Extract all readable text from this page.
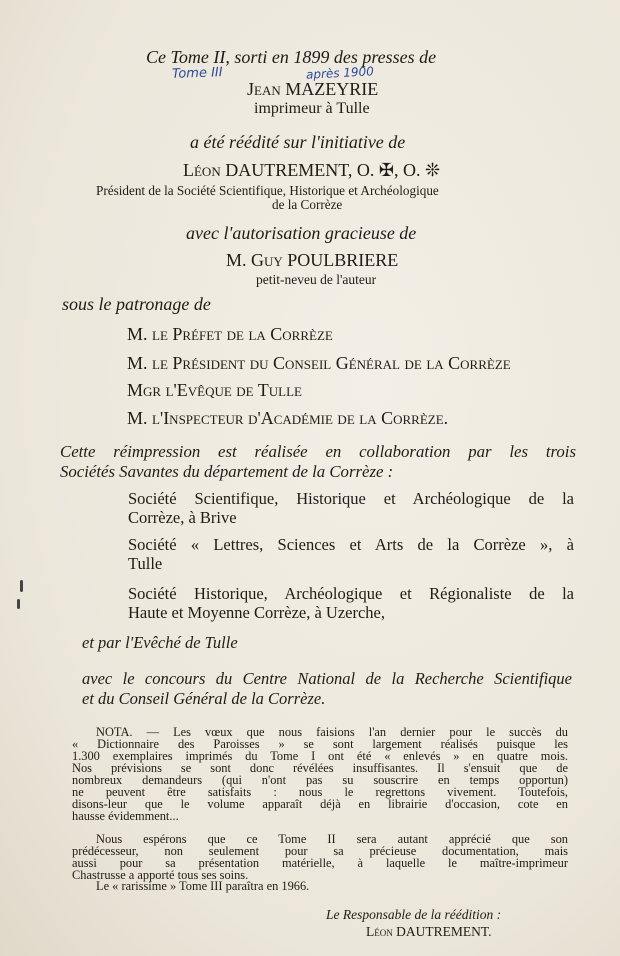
Ce Tome II, sorti en 1899 des presses de
Tome III	après 1900
Jean MAZEYRIE
imprimeur à Tulle
a été réédité sur l'initiative de
Léon DAUTREMENT, O. ✠, O. ❊
Président de la Société Scientifique, Historique et Archéologique
de la Corrèze
avec l'autorisation gracieuse de
M. Guy POULBRIERE
petit-neveu de l'auteur
sous le patronage de
M. le Préfet de la Corrèze
M. le Président du Conseil Général de la Corrèze
Mgr l'Evêque de Tulle
M. l'Inspecteur d'Académie de la Corrèze.
Cette réimpression est réalisée en collaboration par les trois
Sociétés Savantes du département de la Corrèze :
Société Scientifique, Historique et Archéologique de la
Corrèze, à Brive
Société « Lettres, Sciences et Arts de la Corrèze », à
Tulle
Société Historique, Archéologique et Régionaliste de la
Haute et Moyenne Corrèze, à Uzerche,
et par l'Evêché de Tulle
avec le concours du Centre National de la Recherche Scientifique
et du Conseil Général de la Corrèze.
NOTA. — Les vœux que nous faisions l'an dernier pour le succès du
« Dictionnaire des Paroisses » se sont largement réalisés puisque les
1.300 exemplaires imprimés du Tome I ont été « enlevés » en quatre mois.
Nos prévisions se sont donc révélées insuffisantes. Il s'ensuit que de
nombreux demandeurs (qui n'ont pas su souscrire en temps opportun)
ne peuvent être satisfaits : nous le regrettons vivement. Toutefois,
disons-leur que le volume apparaît déjà en librairie d'occasion, cote en
hausse évidemment...
Nous espérons que ce Tome II sera autant apprécié que son
prédécesseur, non seulement pour sa précieuse documentation, mais
aussi pour sa présentation matérielle, à laquelle le maître-imprimeur
Chastrusse a apporté tous ses soins.
Le « rarissime » Tome III paraîtra en 1966.
Le Responsable de la réédition :
Léon DAUTREMENT.
